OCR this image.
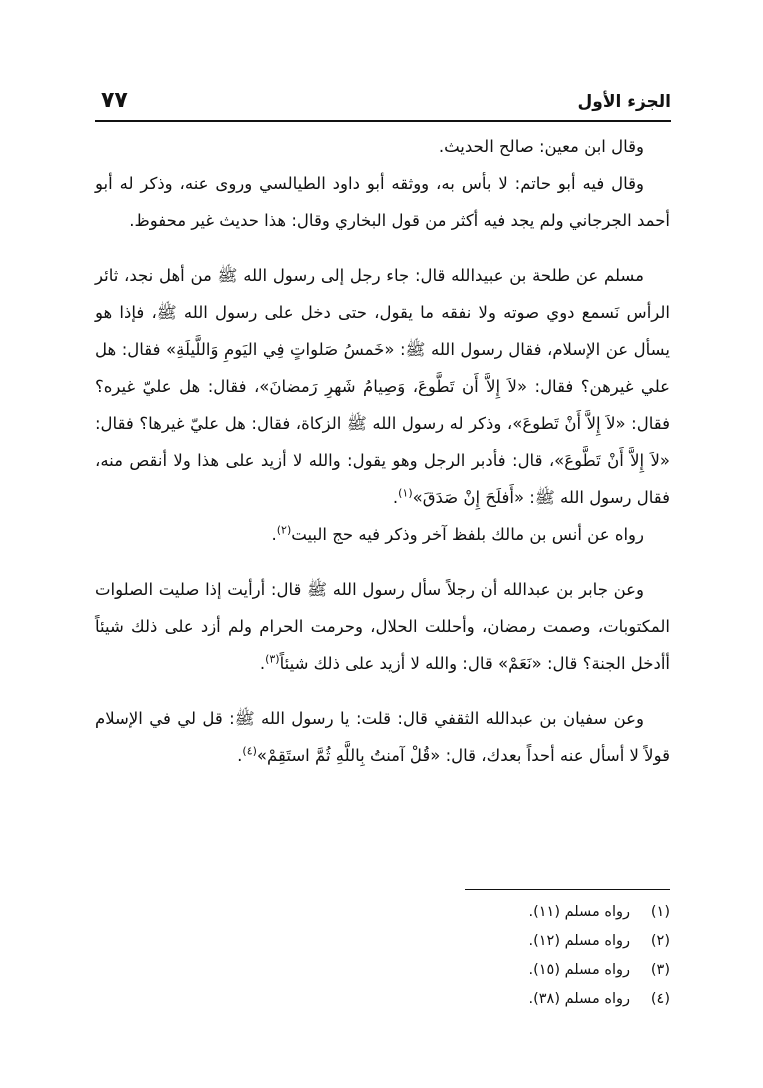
الجزء الأول
٧٧

وقال ابن معين: صالح الحديث.

وقال فيه أبو حاتم: لا بأس به، ووثقه أبو داود الطيالسي وروى عنه، وذكر له أبو أحمد الجرجاني ولم يجد فيه أكثر من قول البخاري وقال: هذا حديث غير محفوظ.

مسلم عن طلحة بن عبيدالله قال: جاء رجل إلى رسول الله ﷺ من أهل نجد، ثائر الرأس نَسمع دوي صوته ولا نفقه ما يقول، حتى دخل على رسول الله ﷺ، فإذا هو يسأل عن الإسلام، فقال رسول الله ﷺ: «خَمسُ صَلواتٍ فِي اليَومِ وَاللَّيلَةِ» فقال: هل علي غيرهن؟ فقال: «لاَ إِلاَّ أَن تَطَّوعَ، وَصِيامُ شَهرِ رَمضانَ»، فقال: هل عليّ غيره؟ فقال: «لاَ إِلاَّ أَنْ تَطوعَ»، وذكر له رسول الله ﷺ الزكاة، فقال: هل عليّ غيرها؟ فقال: «لاَ إِلاَّ أَنْ تَطَّوعَ»، قال: فأدبر الرجل وهو يقول: والله لا أزيد على هذا ولا أنقص منه، فقال رسول الله ﷺ: «أَفلَحَ إِنْ صَدَقَ»$^{(١)}$.

رواه عن أنس بن مالك بلفظ آخر وذكر فيه حج البيت$^{(٢)}$.

وعن جابر بن عبدالله أن رجلاً سأل رسول الله ﷺ قال: أرأيت إذا صليت الصلوات المكتوبات، وصمت رمضان، وأحللت الحلال، وحرمت الحرام ولم أزد على ذلك شيئاً أأدخل الجنة؟ قال: «نَعَمْ» قال: والله لا أزيد على ذلك شيئاً$^{(٣)}$.

وعن سفيان بن عبدالله الثقفي قال: قلت: يا رسول الله ﷺ: قل لي في الإسلام قولاً لا أسأل عنه أحداً بعدك، قال: «قُلْ آمنتُ بِاللَّهِ ثُمَّ استَقِمْ»$^{(٤)}$.

(١)رواه مسلم (١١).
(٢)رواه مسلم (١٢).
(٣)رواه مسلم (١٥).
(٤)رواه مسلم (٣٨).
